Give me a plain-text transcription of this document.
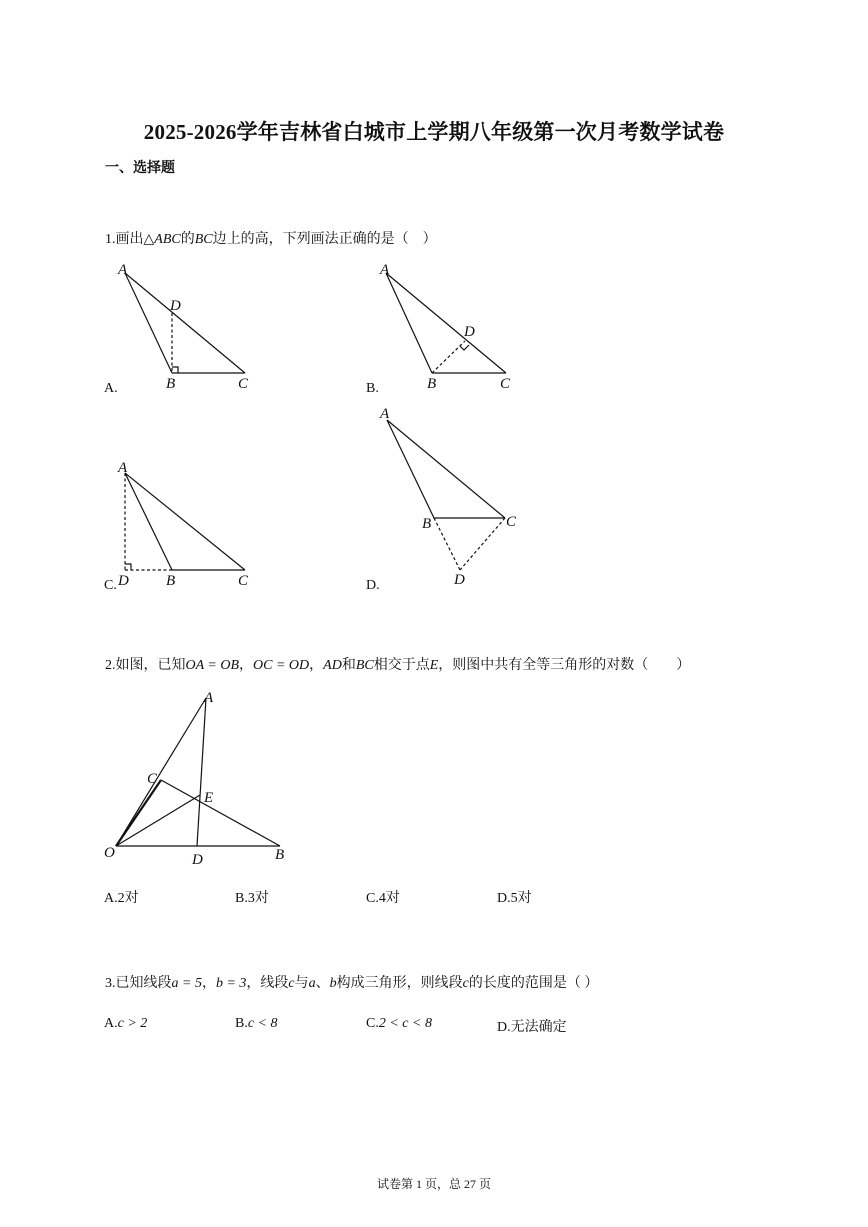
2025-2026学年吉林省白城市上学期八年级第一次月考数学试卷
一、选择题
1.画出△ABC的BC边上的高，下列画法正确的是（　）
A
D
B	C
A.
A
D
B	C
B.
A
D B	C
C.
A
B	C
D
D.
2.如图，已知OA = OB，OC = OD，AD和BC相交于点E，则图中共有全等三角形的对数（　　）
A
C
E
O	D	B
A.2对	B.3对	C.4对	D.5对
3.已知线段a = 5，b = 3，线段c与a、b构成三角形，则线段c的长度的范围是（ ）
A.c > 2	B.c < 8	C.2 < c < 8	D.无法确定
试卷第 1 页，总 27 页
